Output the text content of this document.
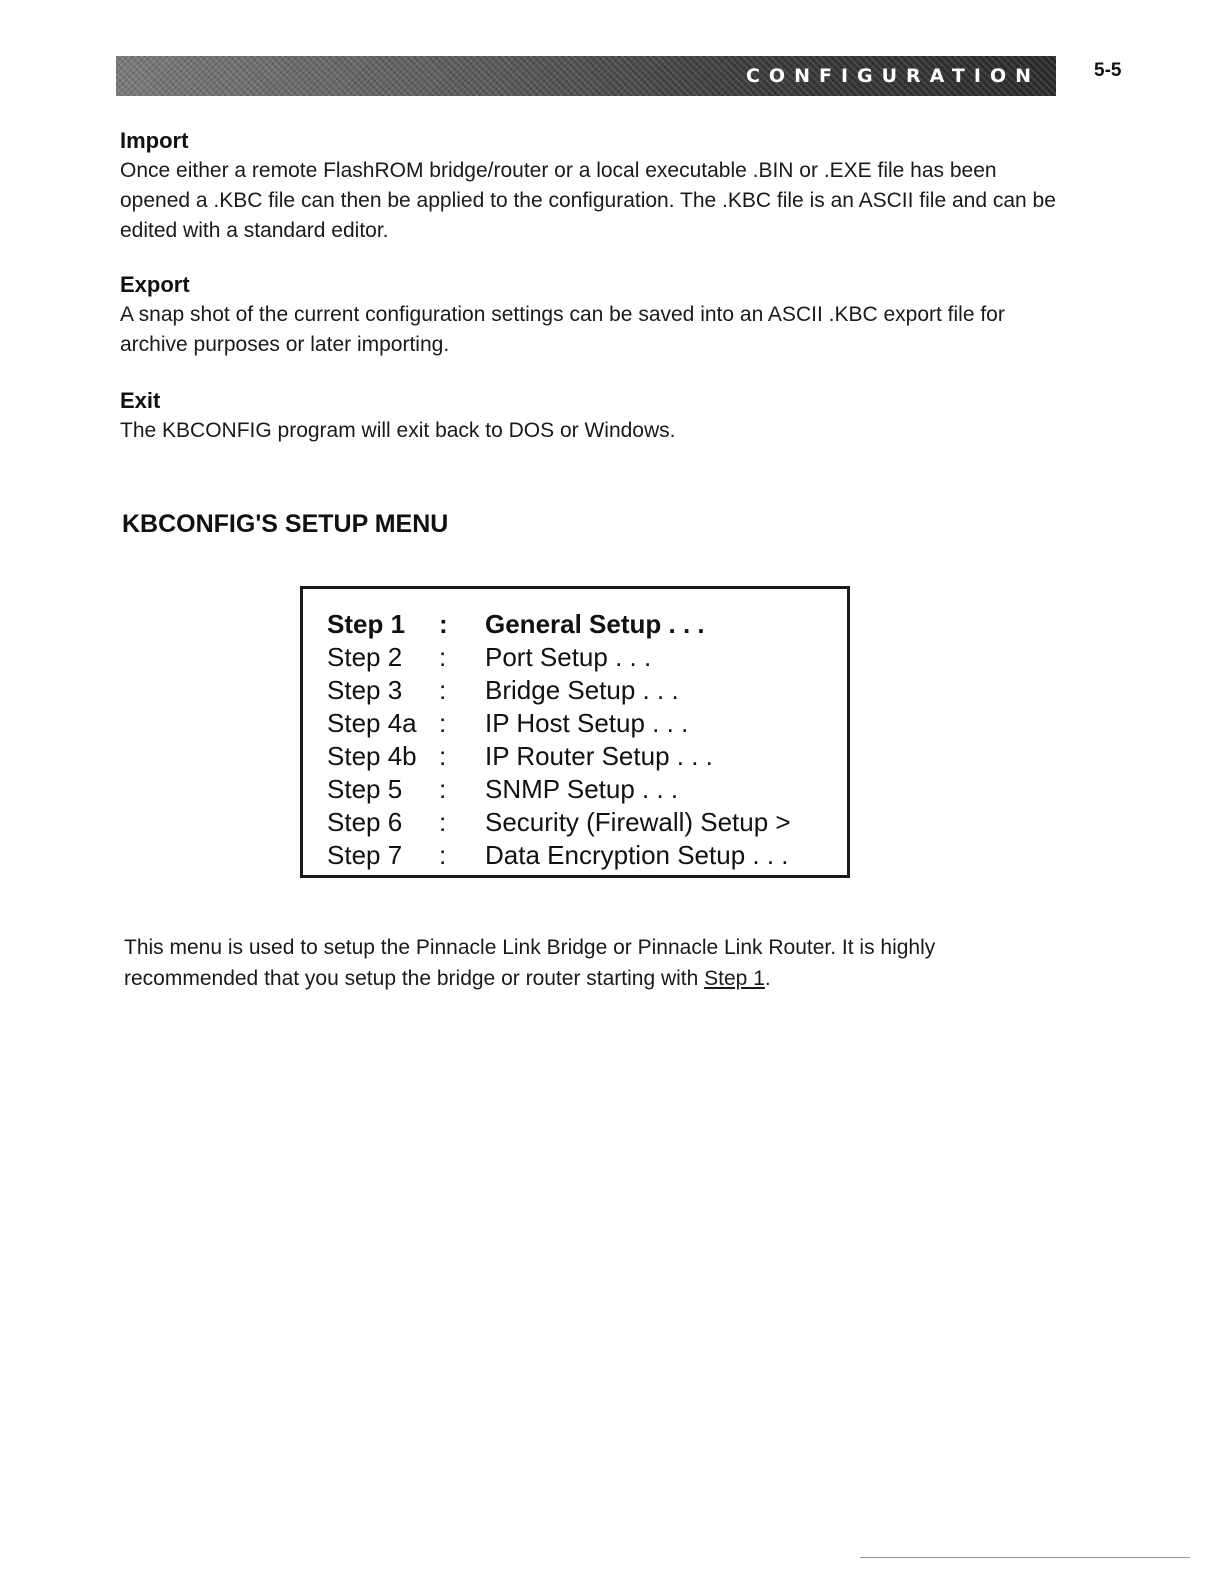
CONFIGURATION	5-5
Import

Once either a remote FlashROM bridge/router or a local executable .BIN or .EXE file has been opened a .KBC file can then be applied to the configuration. The .KBC file is an ASCII file and can be edited with a standard editor.

Export

A snap shot of the current configuration settings can be saved into an ASCII .KBC export file for archive purposes or later importing.

Exit

The KBCONFIG program will exit back to DOS or Windows.

KBCONFIG'S SETUP MENU
Step 1	:	General Setup . . .
Step 2	:	Port Setup . . .
Step 3	:	Bridge Setup . . .
Step 4a :	IP Host Setup . . .
Step 4b :	IP Router Setup . . .
Step 5	:	SNMP Setup . . .
Step 6	:	Security (Firewall) Setup >
Step 7	:	Data Encryption Setup . . .

This menu is used to setup the Pinnacle Link Bridge or Pinnacle Link Router. It is highly recommended that you setup the bridge or router starting with Step 1.
